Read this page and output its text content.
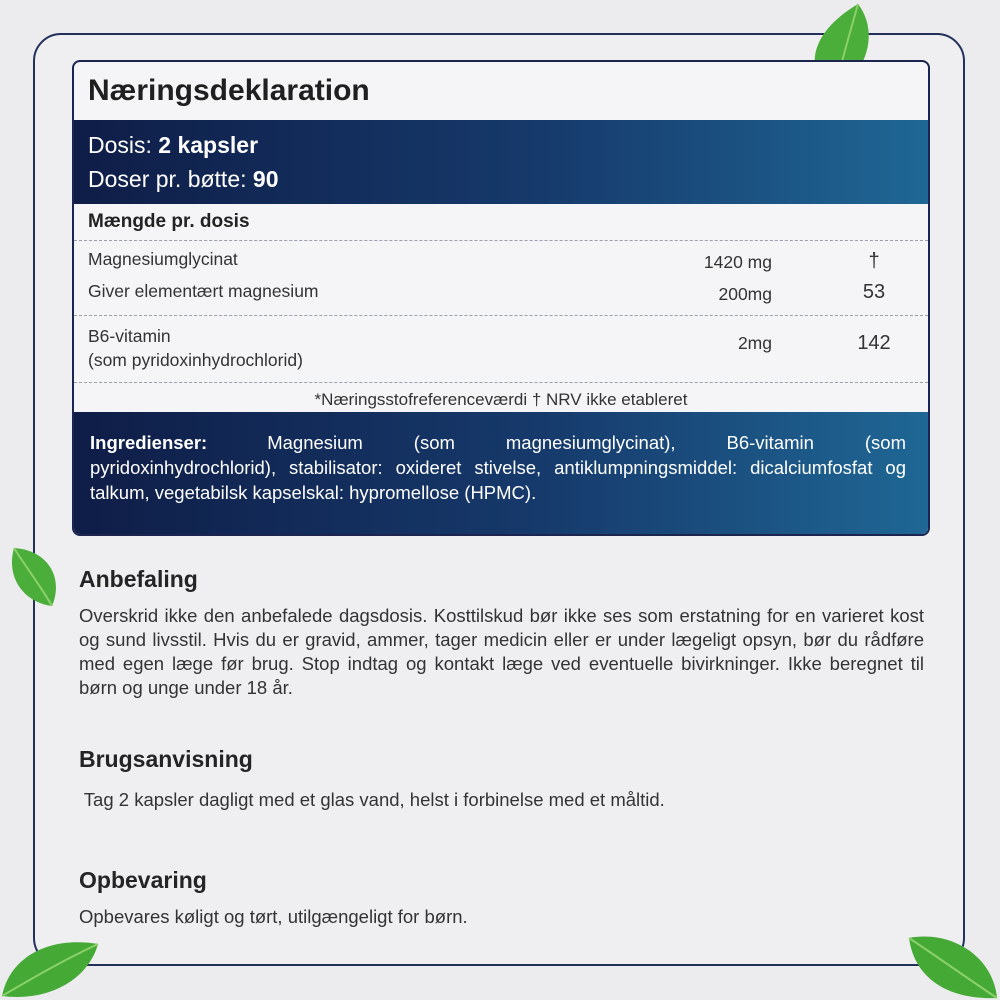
Næringsdeklaration
Dosis: 2 kapsler
Doser pr. bøtte: 90
Mængde pr. dosis
Magnesiumglycinat	1420 mg	†
Giver elementært magnesium	200mg	53
B6-vitamin
(som pyridoxinhydrochlorid)
2mg	142
*Næringsstofreferenceværdi † NRV ikke etableret
Ingredienser:	Magnesium (som magnesiumglycinat), B6-vitamin (som pyridoxinhydrochlorid), stabilisator: oxideret stivelse, antiklumpningsmiddel: dicalciumfosfat og talkum, vegetabilsk kapselskal: hypromellose (HPMC).
Anbefaling
Overskrid ikke den anbefalede dagsdosis. Kosttilskud bør ikke ses som erstatning for en varieret kost og sund livsstil. Hvis du er gravid, ammer, tager medicin eller er under lægeligt opsyn, bør du rådføre med egen læge før brug. Stop indtag og kontakt læge ved eventuelle bivirkninger. Ikke beregnet til børn og unge under 18 år.
Brugsanvisning
Tag 2 kapsler dagligt med et glas vand, helst i forbinelse med et måltid.
Opbevaring
Opbevares køligt og tørt, utilgængeligt for børn.
